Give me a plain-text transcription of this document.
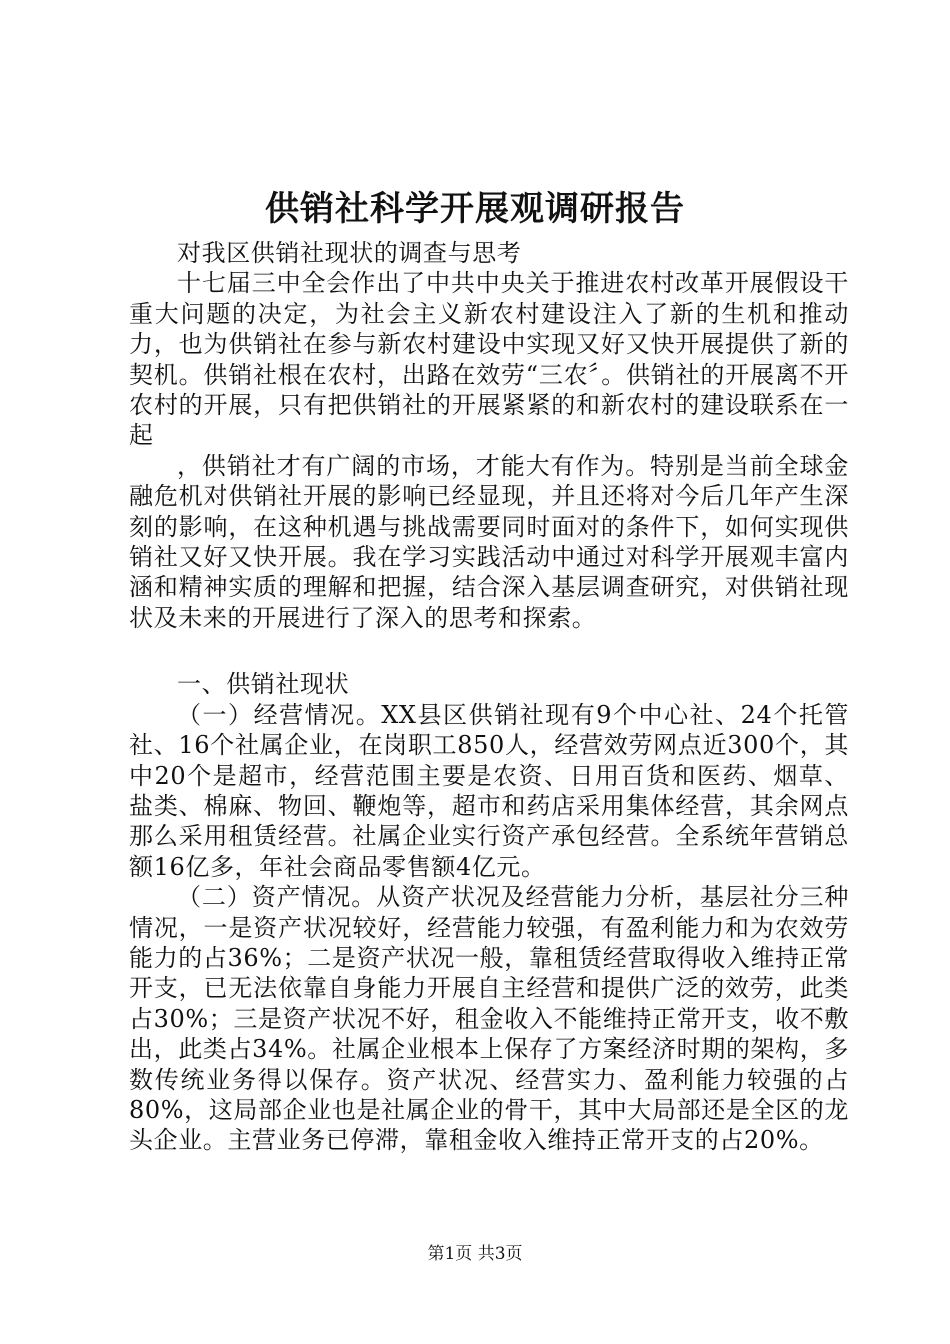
供销社科学开展观调研报告

对我区供销社现状的调查与思考

十七届三中全会作出了中共中央关于推进农村改革开展假设干重大问题的决定，为社会主义新农村建设注入了新的生机和推动力，也为供销社在参与新农村建设中实现又好又快开展提供了新的契机。供销社根在农村，出路在效劳“三农〞。供销社的开展离不开农村的开展，只有把供销社的开展紧紧的和新农村的建设联系在一起

，供销社才有广阔的市场，才能大有作为。特别是当前全球金融危机对供销社开展的影响已经显现，并且还将对今后几年产生深刻的影响，在这种机遇与挑战需要同时面对的条件下，如何实现供销社又好又快开展。我在学习实践活动中通过对科学开展观丰富内涵和精神实质的理解和把握，结合深入基层调查研究，对供销社现状及未来的开展进行了深入的思考和探索。

一、供销社现状

（一）经营情况。XX县区供销社现有9个中心社、24个托管社、16个社属企业，在岗职工850人，经营效劳网点近300个，其中20个是超市，经营范围主要是农资、日用百货和医药、烟草、盐类、棉麻、物回、鞭炮等，超市和药店采用集体经营，其余网点那么采用租赁经营。社属企业实行资产承包经营。全系统年营销总额16亿多，年社会商品零售额4亿元。

（二）资产情况。从资产状况及经营能力分析，基层社分三种情况，一是资产状况较好，经营能力较强，有盈利能力和为农效劳能力的占36%；二是资产状况一般，靠租赁经营取得收入维持正常开支，已无法依靠自身能力开展自主经营和提供广泛的效劳，此类占30%；三是资产状况不好，租金收入不能维持正常开支，收不敷出，此类占34%。社属企业根本上保存了方案经济时期的架构，多数传统业务得以保存。资产状况、经营实力、盈利能力较强的占80%，这局部企业也是社属企业的骨干，其中大局部还是全区的龙头企业。主营业务已停滞，靠租金收入维持正常开支的占20%。

第1页 共3页
